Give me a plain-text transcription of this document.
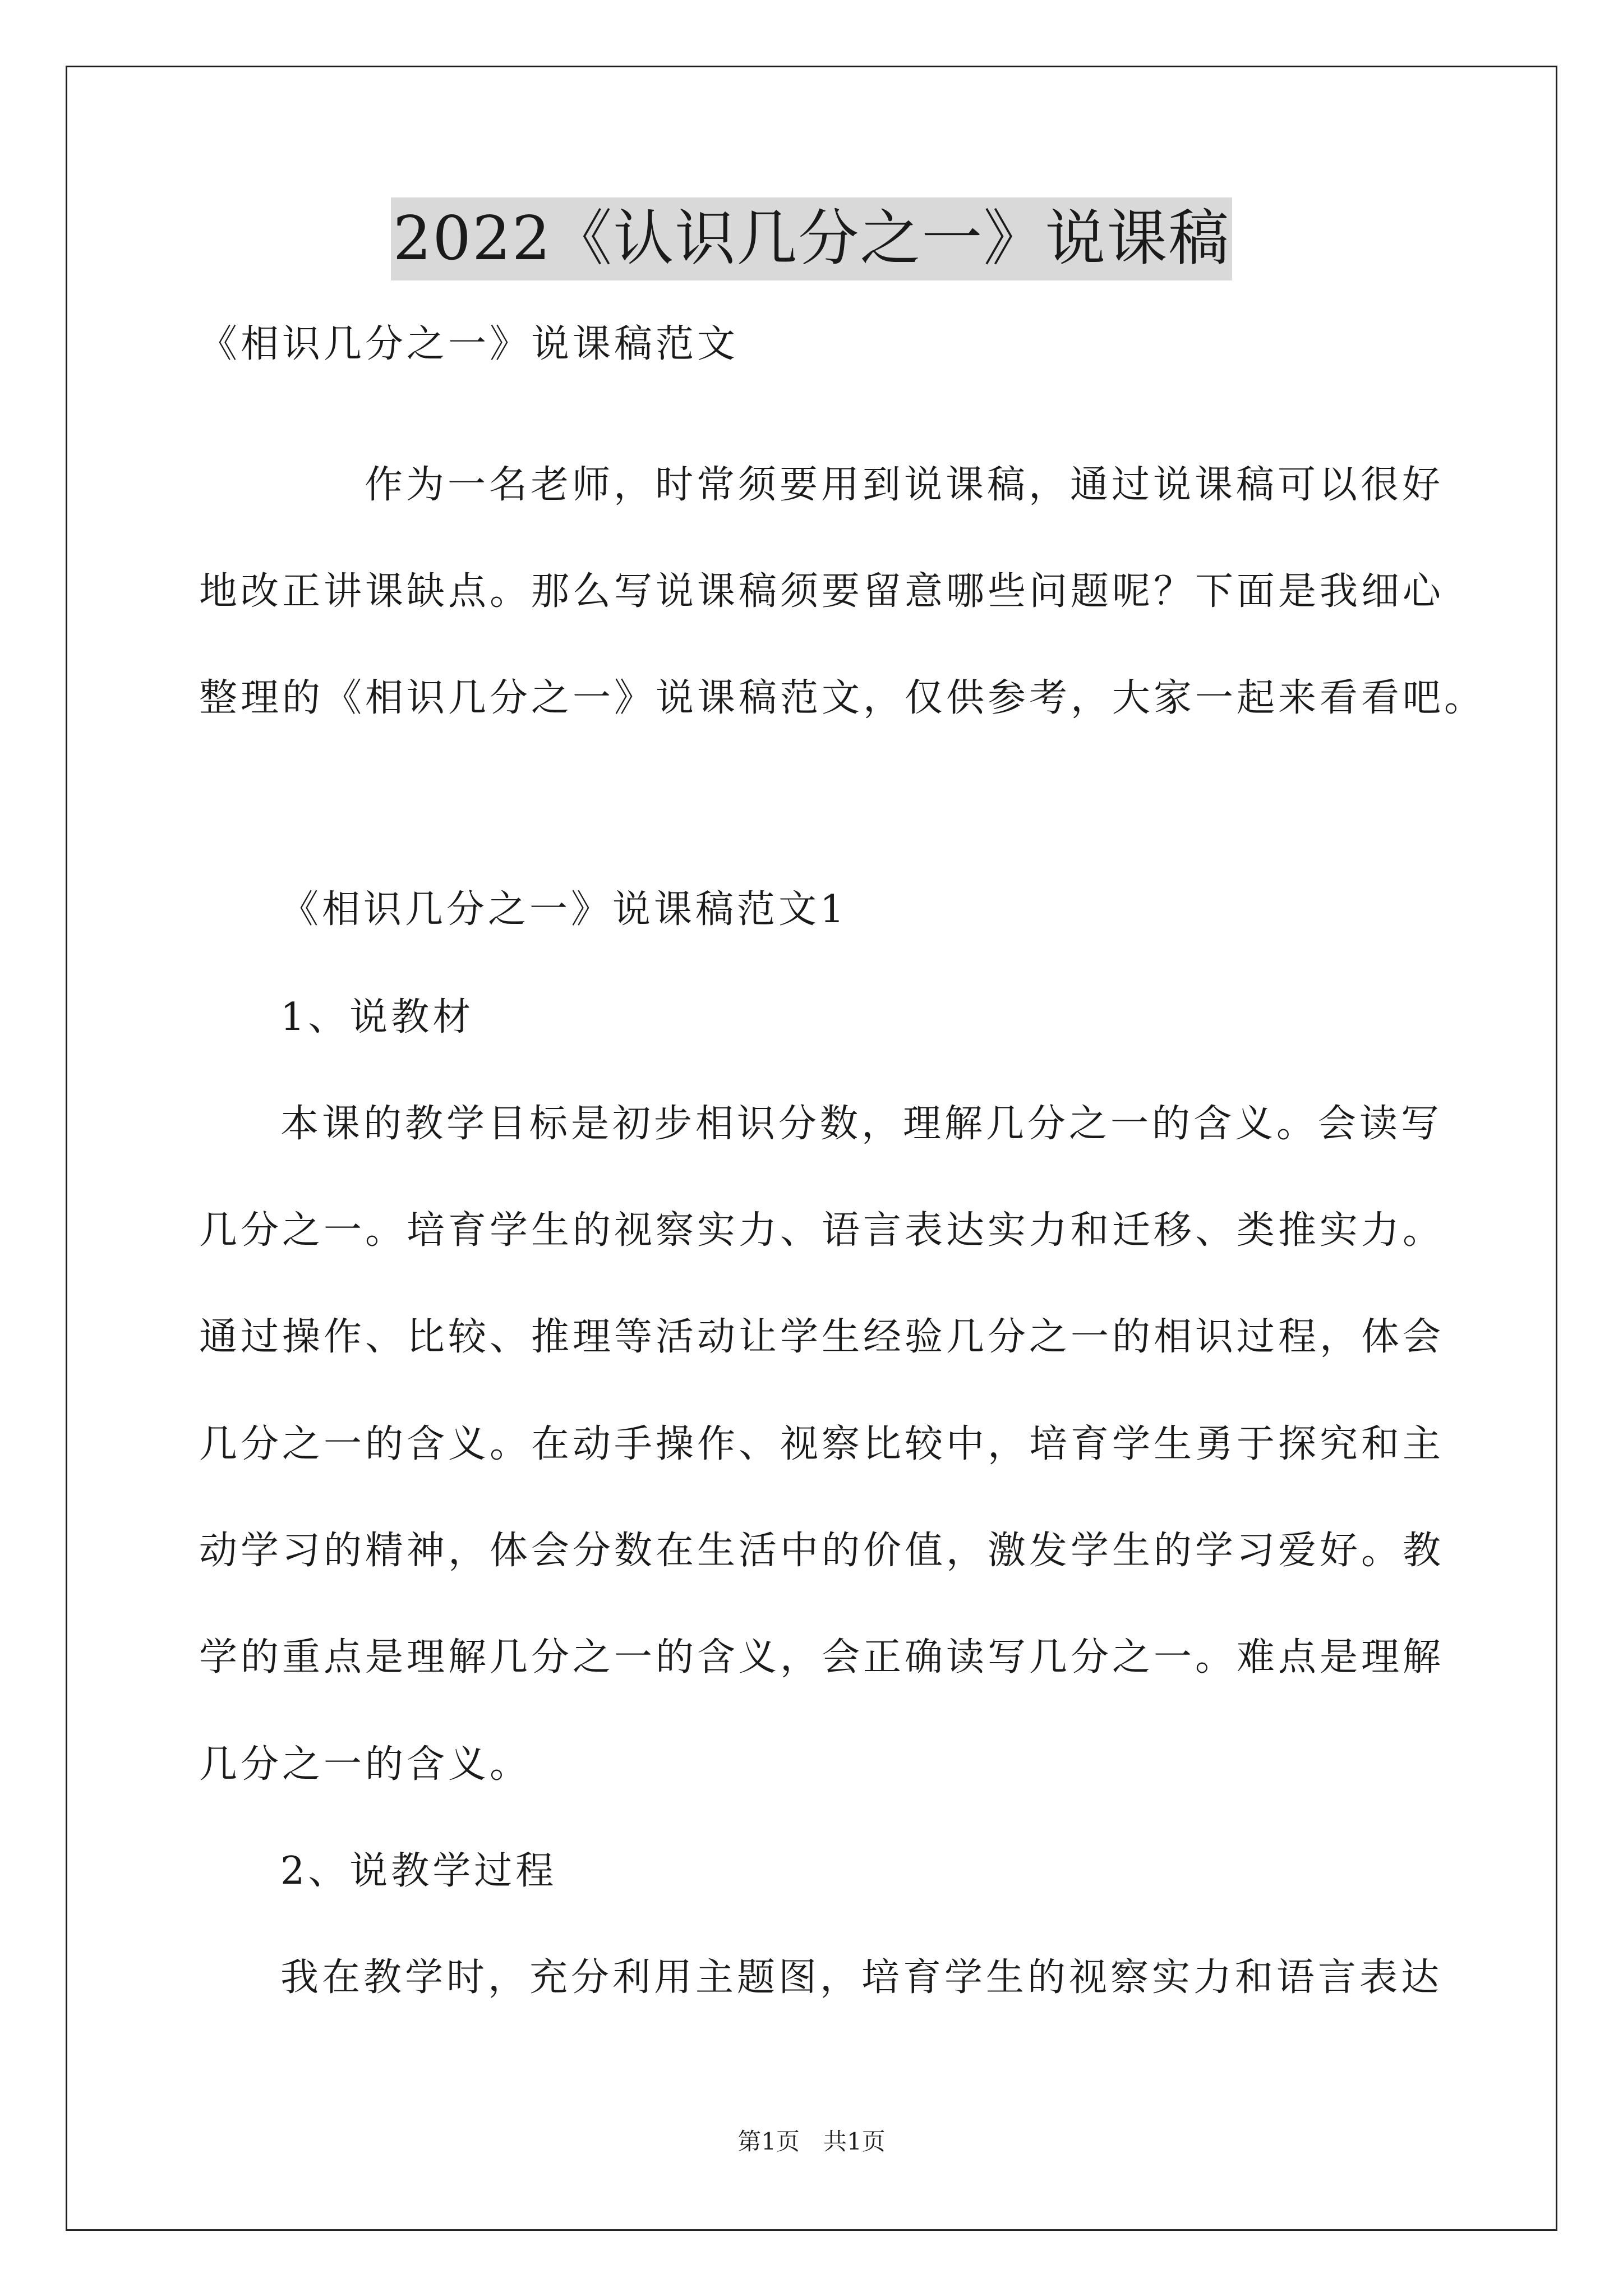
2022《认识几分之一》说课稿
《相识几分之一》说课稿范文
作为一名老师，时常须要用到说课稿，通过说课稿可以很好
地改正讲课缺点。那么写说课稿须要留意哪些问题呢？下面是我细心
整理的《相识几分之一》说课稿范文，仅供参考，大家一起来看看吧。
《相识几分之一》说课稿范文1
1、说教材
本课的教学目标是初步相识分数，理解几分之一的含义。会读写
几分之一。培育学生的视察实力、语言表达实力和迁移、类推实力。
通过操作、比较、推理等活动让学生经验几分之一的相识过程，体会
几分之一的含义。在动手操作、视察比较中，培育学生勇于探究和主
动学习的精神，体会分数在生活中的价值，激发学生的学习爱好。教
学的重点是理解几分之一的含义，会正确读写几分之一。难点是理解
几分之一的含义。
2、说教学过程
我在教学时，充分利用主题图，培育学生的视察实力和语言表达
第1页　共1页
